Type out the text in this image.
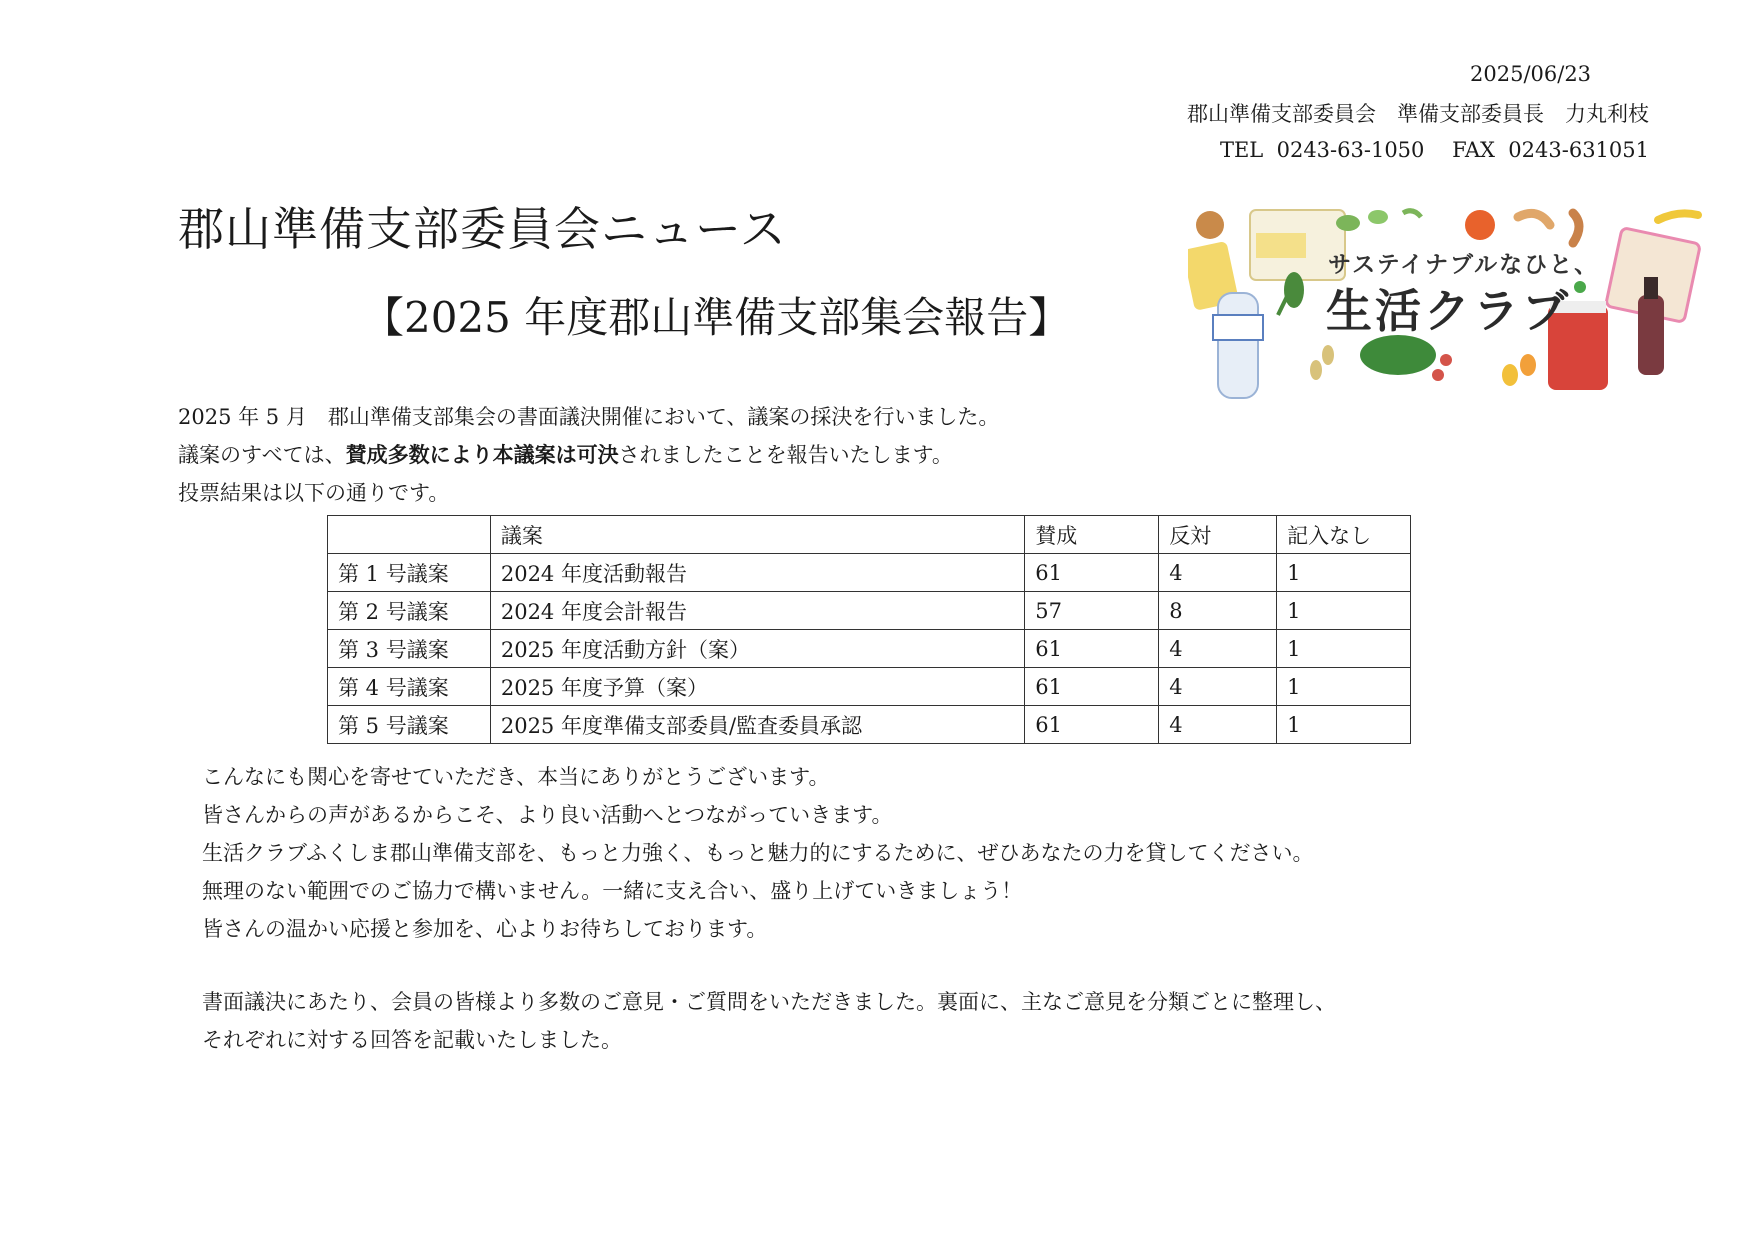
2025/06/23
郡山準備支部委員会　準備支部委員長　力丸利枝
TEL  0243-63-1050　 FAX  0243-631051
郡山準備支部委員会ニュース
【2025 年度郡山準備支部集会報告】
サステイナブルなひと、
生活クラブ
2025 年 5 月　郡山準備支部集会の書面議決開催において、議案の採決を行いました。
議案のすべては、賛成多数により本議案は可決されましたことを報告いたします。
投票結果は以下の通りです。
	議案	賛成	反対	記入なし
第 1 号議案	2024 年度活動報告	61	4	1
第 2 号議案	2024 年度会計報告	57	8	1
第 3 号議案	2025 年度活動方針（案）	61	4	1
第 4 号議案	2025 年度予算（案）	61	4	1
第 5 号議案	2025 年度準備支部委員/監査委員承認	61	4	1
こんなにも関心を寄せていただき、本当にありがとうございます。
皆さんからの声があるからこそ、より良い活動へとつながっていきます。
生活クラブふくしま郡山準備支部を、もっと力強く、もっと魅力的にするために、ぜひあなたの力を貸してください。
無理のない範囲でのご協力で構いません。一緒に支え合い、盛り上げていきましょう！
皆さんの温かい応援と参加を、心よりお待ちしております。
書面議決にあたり、会員の皆様より多数のご意見・ご質問をいただきました。裏面に、主なご意見を分類ごとに整理し、
それぞれに対する回答を記載いたしました。
